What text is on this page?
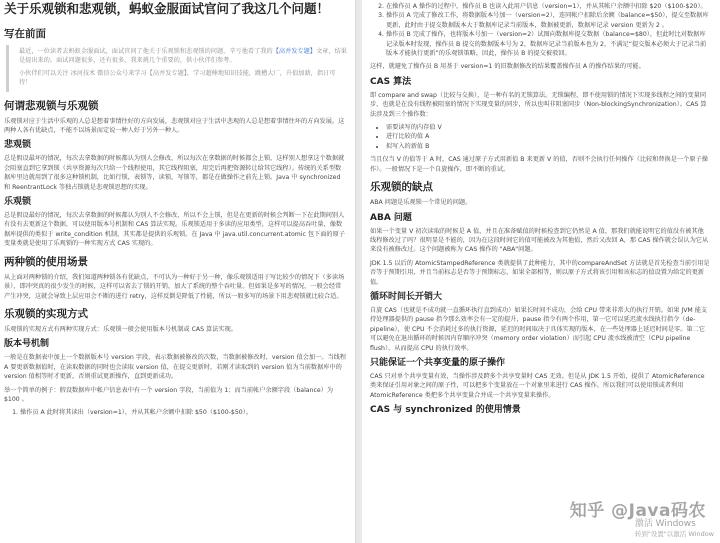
关于乐观锁和悲观锁，蚂蚁金服面试官问了我这几个问题！
写在前面

最近，一位读者去蚂蚁金服面试，面试官问了他关于乐观锁和悲观锁的问题，辛亏他看了我的【高并发专题】文章，结果是提出来的。面试问题很多，还有很多，我来挑几个重要的，供小伙伴们参考。

小伙伴们可以关注 冰河技术 微信公众号来学习【高并发专题】，学习超棒地知识技能，跳槽大厂，升值加薪，指日可待！

何谓悲观锁与乐观锁

乐观锁对应于生活中乐观的人总是想着事情往好的方向发展，悲观锁对应于生活中悲观的人总是想着事情往坏的方向发展。这两种人各有优缺点，不能不以场景而定说一种人好于另外一种人。

悲观锁

总是假设最坏的情况，每次去拿数据的时候都认为别人会修改，所以每次在拿数据的时候都会上锁，这样别人想拿这个数据就会阻塞直到它拿到锁（共享资源每次只给一个线程使用，其它线程阻塞，用完后再把资源转让给其它线程）。传统的关系型数据库里边就用到了很多这种锁机制，比如行锁，表锁等，读锁，写锁等，都是在做操作之前先上锁。Java 中 synchronized 和 ReentrantLock 等独占锁就是悲观锁思想的实现。

乐观锁

总是假设最好的情况，每次去拿数据的时候都认为别人不会修改，所以不会上锁，但是在更新的时候会判断一下在此期间别人有没有去更新这个数据，可以使用版本号机制和 CAS 算法实现。乐观锁适用于多读的应用类型，这样可以提高吞吐量，像数据库提供的类似于 write_condition 机制，其实都是提供的乐观锁。在 Java 中 java.util.concurrent.atomic 包下面的原子变量类就是使用了乐观锁的一种实现方式 CAS 实现的。

两种锁的使用场景

从上面对两种锁的介绍，我们知道两种锁各有优缺点，不可认为一种好于另一种，像乐观锁适用于写比较少的情况下（多读场景），即冲突真的很少发生的时候，这样可以省去了锁的开销，加大了系统的整个吞吐量。但如果是多写的情况，一般会经常产生冲突，这就会导致上层应用会不断的进行 retry，这样反倒是降低了性能，所以一般多写的场景下用悲观锁就比较合适。

乐观锁的实现方式

乐观锁的实现方式有两种实现方式：乐观锁一般会使用版本号机制或 CAS 算法实现。

版本号机制

一般是在数据表中加上一个数据版本号 version 字段，表示数据被修改的次数，当数据被修改时，version 值会加一。当线程 A 要更新数据值时，在读取数据的同时也会读取 version 值，在提交更新时，若刚才读取到的 version 值为当前数据库中的 version 值相等时才更新，否则重试更新操作，直到更新成功。

举一个简单的例子：假设数据库中帐户信息表中有一个 version 字段，当前值为 1；而当前帐户余额字段（balance）为 $100 。

1. 操作员 A 此时将其读出（version=1），并从其帐户余额中扣除 $50（$100-$50）。
2. 在操作员 A 操作的过程中，操作员 B 也读入此用户信息（version=1），并从其帐户余额中扣除 $20（$100-$20）。
3. 操作员 A 完成了修改工作，将数据版本号加一（version=2），连同帐户扣除后余额（balance=$50），提交至数据库更新，此时由于提交数据版本大于数据库记录当前版本，数据被更新，数据库记录 version 更新为 2 。
4. 操作员 B 完成了操作，也将版本号加一（version=2）试图向数据库提交数据（balance=$80），但此时比对数据库记录版本时发现，操作员 B 提交的数据版本号为 2，数据库记录当前版本也为 2，不满足“提交版本必须大于记录当前版本才能执行更新”的乐观锁策略，因此，操作员 B 的提交被驳回。

这样，就避免了操作员 B 用基于 version=1 的旧数据修改的结果覆盖操作员 A 的操作结果的可能。

CAS 算法

即 compare and swap（比较与交换），是一种有名的无锁算法。无锁编程，即不使用锁的情况下实现多线程之间的变量同步，也就是在没有线程被阻塞的情况下实现变量的同步，所以也叫非阻塞同步（Non-blockingSynchronization）。CAS 算法涉及到三个操作数：

• 需要读写的内存值 V
• 进行比较的值 A
• 拟写入的新值 B

当且仅当 V 的值等于 A 时，CAS 通过原子方式用新值 B 来更新 V 的值，否则不会执行任何操作（比较和替换是一个原子操作）。一般情况下是一个自旋操作，即不断的重试。

乐观锁的缺点

ABA 问题是乐观锁一个常见的问题。

ABA 问题

如果一个变量 V 初次读取的时候是 A 值，并且在准备赋值的时候检查到它仍然是 A 值，那我们就能说明它的值没有被其他线程修改过了吗？很明显是不能的，因为在这段时间它的值可能被改为其他值，然后又改回 A，那 CAS 操作就会误认为它从来没有被修改过。这个问题被称为 CAS 操作的 "ABA"问题。

JDK 1.5 以后的 AtomicStampedReference 类就提供了此种能力，其中的compareAndSet 方法就是首先检查当前引用是否等于预期引用，并且当前标志是否等于预期标志，如果全部相等，则以原子方式将该引用和该标志的值设置为给定的更新值。

循环时间长开销大

自旋 CAS（也就是不成功就一直循环执行直到成功）如果长时间不成功，会给 CPU 带来非常大的执行开销。如果 JVM 能支持处理器提供的 pause 指令那么效率会有一定的提升，pause 指令有两个作用，第一它可以延迟流水线执行指令（de-pipeline），使 CPU 不会消耗过多的执行资源，延迟的时间取决于具体实现的版本，在一些处理器上延迟时间是零。第二它可以避免在退出循环的时候因内存顺序冲突（memory order violation）而引起 CPU 流水线被清空（CPU pipeline flush），从而提高 CPU 的执行效率。

只能保证一个共享变量的原子操作

CAS 只对单个共享变量有效，当操作涉及跨多个共享变量时 CAS 无效。但是从 JDK 1.5 开始，提供了 AtomicReference 类来保证引用对象之间的原子性，可以把多个变量放在一个对象里来进行 CAS 操作。所以我们可以使用锁或者利用 AtomicReference 类把多个共享变量合并成一个共享变量来操作。

CAS 与 synchronized 的使用情景
知乎 @Java码农
激活 Windows
转到"设置"以激活 Window
